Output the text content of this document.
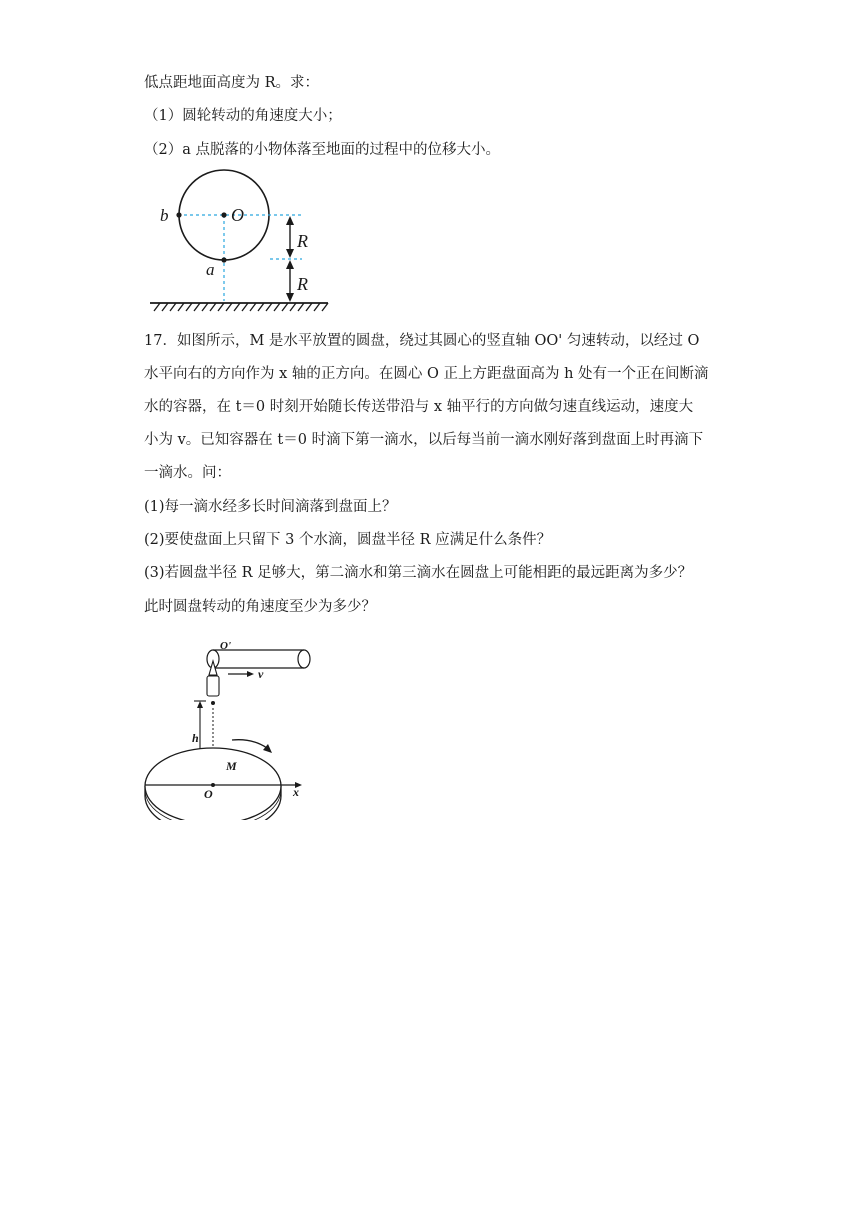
低点距地面高度为 R。求：
（1）圆轮转动的角速度大小；
（2）a 点脱落的小物体落至地面的过程中的位移大小。
b	O
a
R
R
17．如图所示，M 是水平放置的圆盘，绕过其圆心的竖直轴 OO' 匀速转动，以经过 O
水平向右的方向作为 x 轴的正方向。在圆心 O 正上方距盘面高为 h 处有一个正在间断滴
水的容器，在 t＝0 时刻开始随长传送带沿与 x 轴平行的方向做匀速直线运动，速度大
小为 v。已知容器在 t＝0 时滴下第一滴水，以后每当前一滴水刚好落到盘面上时再滴下
一滴水。问：
(1)每一滴水经多长时间滴落到盘面上？
(2)要使盘面上只留下 3 个水滴，圆盘半径 R 应满足什么条件？
(3)若圆盘半径 R 足够大，第二滴水和第三滴水在圆盘上可能相距的最远距离为多少？
此时圆盘转动的角速度至少为多少？
O'
v
h
M
O	x
